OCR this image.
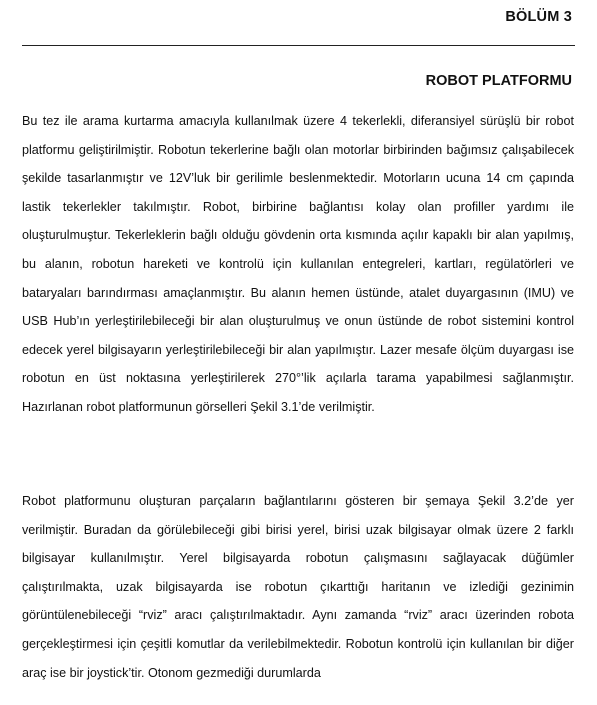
BÖLÜM 3
ROBOT PLATFORMU

Bu tez ile arama kurtarma amacıyla kullanılmak üzere 4 tekerlekli, diferansiyel sürüşlü bir robot platformu geliştirilmiştir. Robotun tekerlerine bağlı olan motorlar birbirinden bağımsız çalışabilecek şekilde tasarlanmıştır ve 12V’luk bir gerilimle beslenmektedir. Motorların ucuna 14 cm çapında lastik tekerlekler takılmıştır. Robot, birbirine bağlantısı kolay olan profiller yardımı ile oluşturulmuştur. Tekerleklerin bağlı olduğu gövdenin orta kısmında açılır kapaklı bir alan yapılmış, bu alanın, robotun hareketi ve kontrolü için kullanılan entegreleri, kartları, regülatörleri ve bataryaları barındırması amaçlanmıştır. Bu alanın hemen üstünde, atalet duyargasının (IMU) ve USB Hub’ın yerleştirilebileceği bir alan oluşturulmuş ve onun üstünde de robot sistemini kontrol edecek yerel bilgisayarın yerleştirilebileceği bir alan yapılmıştır. Lazer mesafe ölçüm duyargası ise robotun en üst noktasına yerleştirilerek 270°’lik açılarla tarama yapabilmesi sağlanmıştır. Hazırlanan robot platformunun görselleri Şekil 3.1’de verilmiştir.

Robot platformunu oluşturan parçaların bağlantılarını gösteren bir şemaya Şekil 3.2’de yer verilmiştir. Buradan da görülebileceği gibi birisi yerel, birisi uzak bilgisayar olmak üzere 2 farklı bilgisayar kullanılmıştır. Yerel bilgisayarda robotun çalışmasını sağlayacak düğümler çalıştırılmakta, uzak bilgisayarda ise robotun çıkarttığı haritanın ve izlediği gezinimin görüntülenebileceği “rviz” aracı çalıştırılmaktadır. Aynı zamanda “rviz” aracı üzerinden robota gerçekleştirmesi için çeşitli komutlar da verilebilmektedir. Robotun kontrolü için kullanılan bir diğer araç ise bir joystick’tir. Otonom gezmediği durumlarda
